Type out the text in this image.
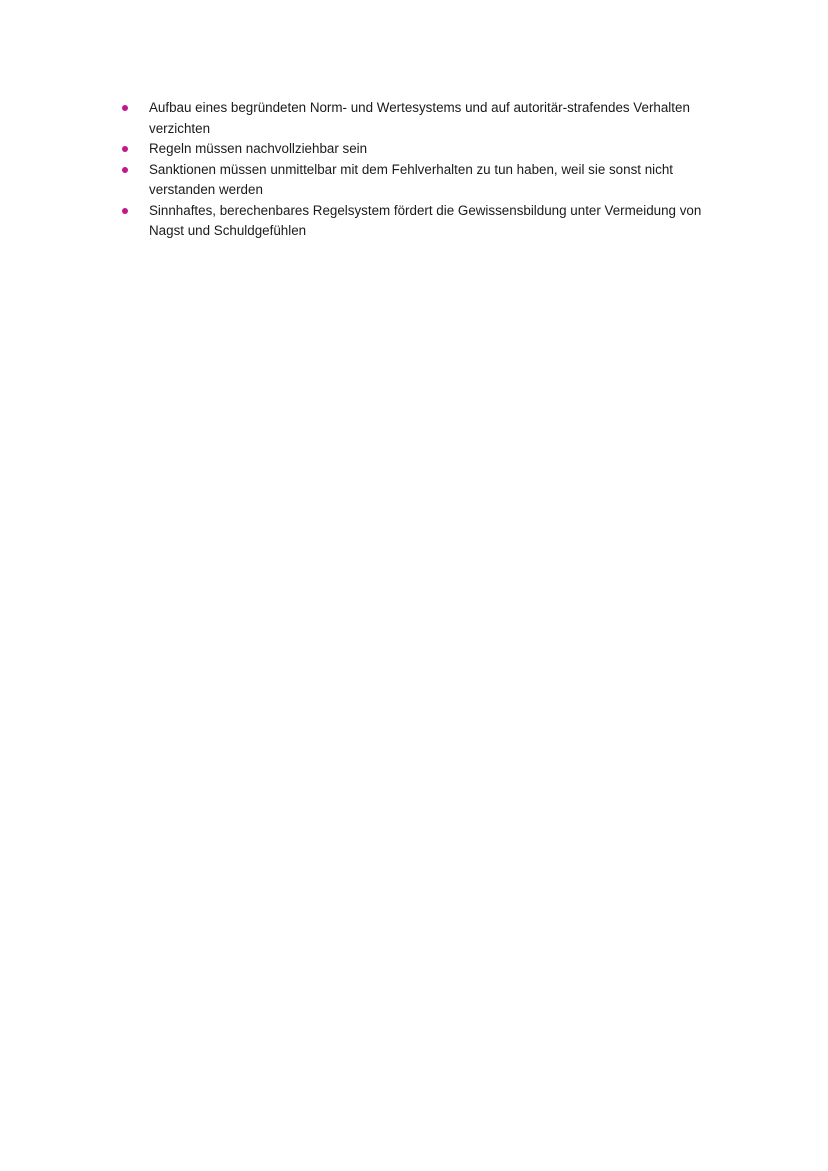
Aufbau eines begründeten Norm- und Wertesystems und auf autoritär-strafendes Verhalten verzichten
Regeln müssen nachvollziehbar sein
Sanktionen müssen unmittelbar mit dem Fehlverhalten zu tun haben, weil sie sonst nicht verstanden werden
Sinnhaftes, berechenbares Regelsystem fördert die Gewissensbildung unter Vermeidung von Nagst und Schuldgefühlen
